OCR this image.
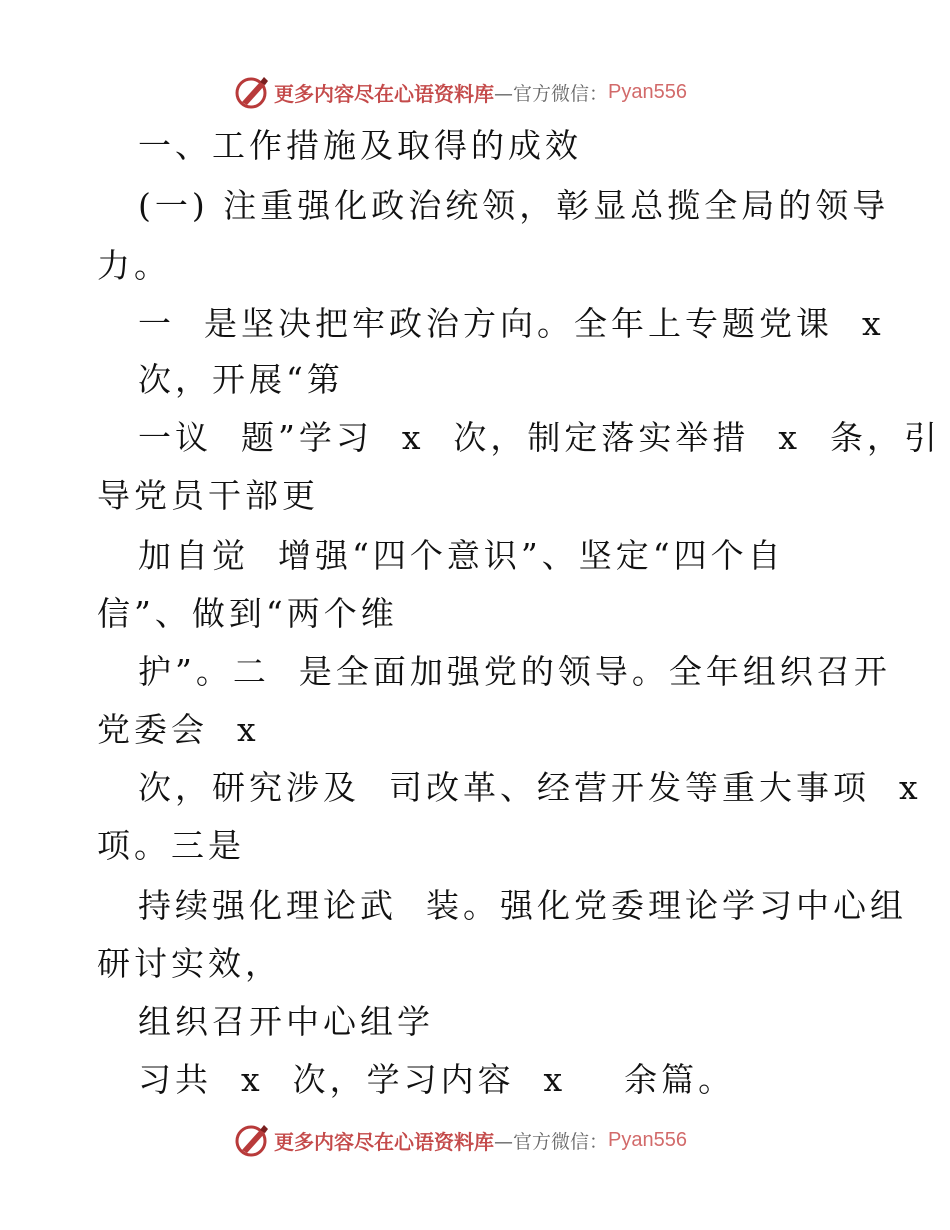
更多内容尽在心语资料库 —官方微信： Pyan556
一、工作措施及取得的成效
(一) 注重强化政治统领，彰显总揽全局的领导
力。
一  是坚决把牢政治方向。全年上专题党课  x
次，开展“第
一议  题”学习  x  次，制定落实举措  x  条，引
导党员干部更
加自觉  增强“四个意识”、坚定“四个自
信”、做到“两个维
护”。二  是全面加强党的领导。全年组织召开
党委会  x
次，研究涉及  司改革、经营开发等重大事项  x
项。三是
持续强化理论武  装。强化党委理论学习中心组
研讨实效，
组织召开中心组学
习共  x  次，学习内容  x    余篇。
更多内容尽在心语资料库 —官方微信： Pyan556
